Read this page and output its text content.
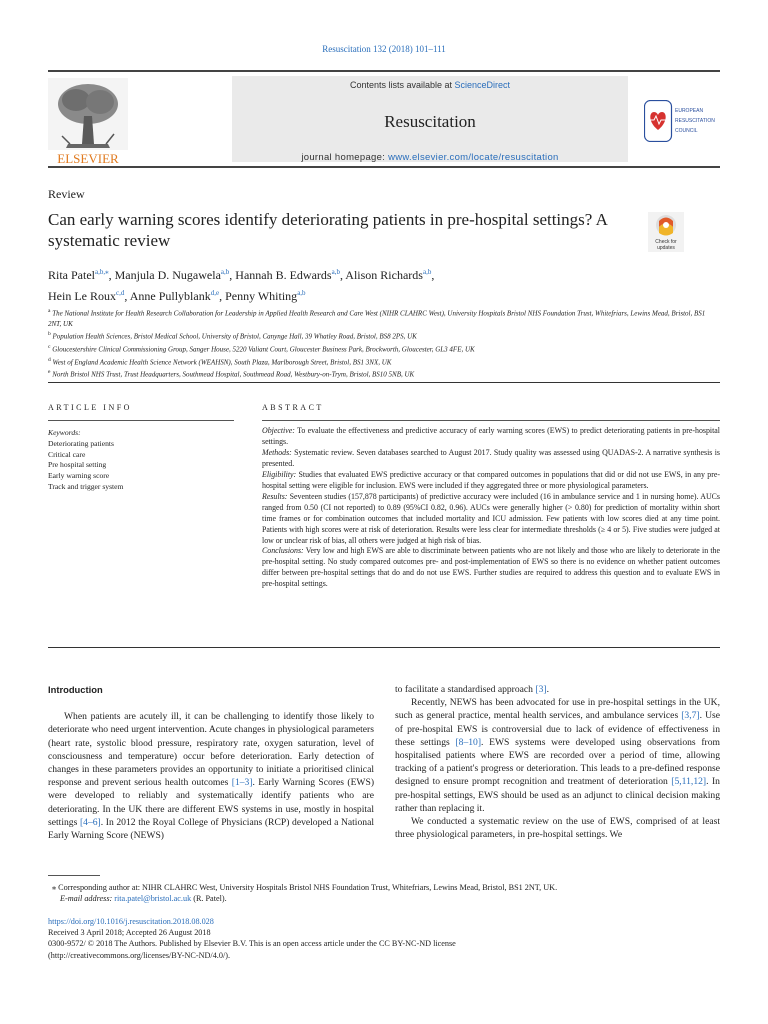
Resuscitation 132 (2018) 101–111
ELSEVIER
Contents lists available at ScienceDirect
Resuscitation
journal homepage: www.elsevier.com/locate/resuscitation
EUROPEAN
RESUSCITATION
COUNCIL
Review
Can early warning scores identify deteriorating patients in pre-hospital settings? A systematic review	Check for
updates
Rita Patel$^{a,b,⁎}$, Manjula D. Nugawela$^{a,b}$, Hannah B. Edwards$^{a,b}$, Alison Richards$^{a,b}$,
Hein Le Roux$^{c,d}$, Anne Pullyblank$^{d,e}$, Penny Whiting$^{a,b}$
$^a$ The National Institute for Health Research Collaboration for Leadership in Applied Health Research and Care West (NIHR CLAHRC West), University Hospitals Bristol NHS Foundation Trust, Whitefriars, Lewins Mead, Bristol, BS1 2NT, UK
$^b$ Population Health Sciences, Bristol Medical School, University of Bristol, Canynge Hall, 39 Whatley Road, Bristol, BS8 2PS, UK
$^c$ Gloucestershire Clinical Commissioning Group, Sanger House, 5220 Valiant Court, Gloucester Business Park, Brockworth, Gloucester, GL3 4FE, UK
$^d$ West of England Academic Health Science Network (WEAHSN), South Plaza, Marlborough Street, Bristol, BS1 3NX, UK
$^e$ North Bristol NHS Trust, Trust Headquarters, Southmead Hospital, Southmead Road, Westbury-on-Trym, Bristol, BS10 5NB, UK
ARTICLE INFO
Keywords:
Deteriorating patients
Critical care
Pre hospital setting
Early warning score
Track and trigger system
ABSTRACT
Objective: To evaluate the effectiveness and predictive accuracy of early warning scores (EWS) to predict deteriorating patients in pre-hospital settings.
Methods: Systematic review. Seven databases searched to August 2017. Study quality was assessed using QUADAS-2. A narrative synthesis is presented.
Eligibility: Studies that evaluated EWS predictive accuracy or that compared outcomes in populations that did or did not use EWS, in any pre-hospital setting were eligible for inclusion. EWS were included if they aggregated three or more physiological parameters.
Results: Seventeen studies (157,878 participants) of predictive accuracy were included (16 in ambulance service and 1 in nursing home). AUCs ranged from 0.50 (CI not reported) to 0.89 (95%CI 0.82, 0.96). AUCs were generally higher (> 0.80) for prediction of mortality within short time frames or for combination outcomes that included mortality and ICU admission. Few patients with low scores died at any time point. Patients with high scores were at risk of deterioration. Results were less clear for intermediate thresholds (≥ 4 or 5). Five studies were judged at low or unclear risk of bias, all others were judged at high risk of bias.
Conclusions: Very low and high EWS are able to discriminate between patients who are not likely and those who are likely to deteriorate in the pre-hospital setting. No study compared outcomes pre- and post-implementation of EWS so there is no evidence on whether patient outcomes differ between pre-hospital settings that do and do not use EWS. Further studies are required to address this question and to evaluate EWS in pre-hospital settings.
Introduction
When patients are acutely ill, it can be challenging to identify those likely to deteriorate who need urgent intervention. Acute changes in physiological parameters (heart rate, systolic blood pressure, respiratory rate, oxygen saturation, level of consciousness and temperature) occur before deterioration. Early detection of changes in these parameters provides an opportunity to initiate a prioritised clinical response and prevent serious health outcomes [1–3]. Early Warning Scores (EWS) were developed to reliably and systematically identify patients who are deteriorating. In the UK there are different EWS systems in use, mostly in hospital settings [4–6]. In 2012 the Royal College of Physicians (RCP) developed a National Early Warning Score (NEWS)
to facilitate a standardised approach [3].
Recently, NEWS has been advocated for use in pre-hospital settings in the UK, such as general practice, mental health services, and ambulance services [3,7]. Use of pre-hospital EWS is controversial due to lack of evidence of effectiveness in these settings [8–10]. EWS systems were developed using observations from hospitalised patients where EWS are recorded over a period of time, allowing tracking of a patient's progress or deterioration. This leads to a pre-defined response designed to ensure prompt recognition and treatment of deterioration [5,11,12]. In pre-hospital settings, EWS should be used as an adjunct to clinical decision making rather than replacing it.
We conducted a systematic review on the use of EWS, comprised of at least three physiological parameters, in pre-hospital settings. We
⁎ Corresponding author at: NIHR CLAHRC West, University Hospitals Bristol NHS Foundation Trust, Whitefriars, Lewins Mead, Bristol, BS1 2NT, UK.
E-mail address: rita.patel@bristol.ac.uk (R. Patel).
https://doi.org/10.1016/j.resuscitation.2018.08.028
Received 3 April 2018; Accepted 26 August 2018
0300-9572/ © 2018 The Authors. Published by Elsevier B.V. This is an open access article under the CC BY-NC-ND license
(http://creativecommons.org/licenses/BY-NC-ND/4.0/).
